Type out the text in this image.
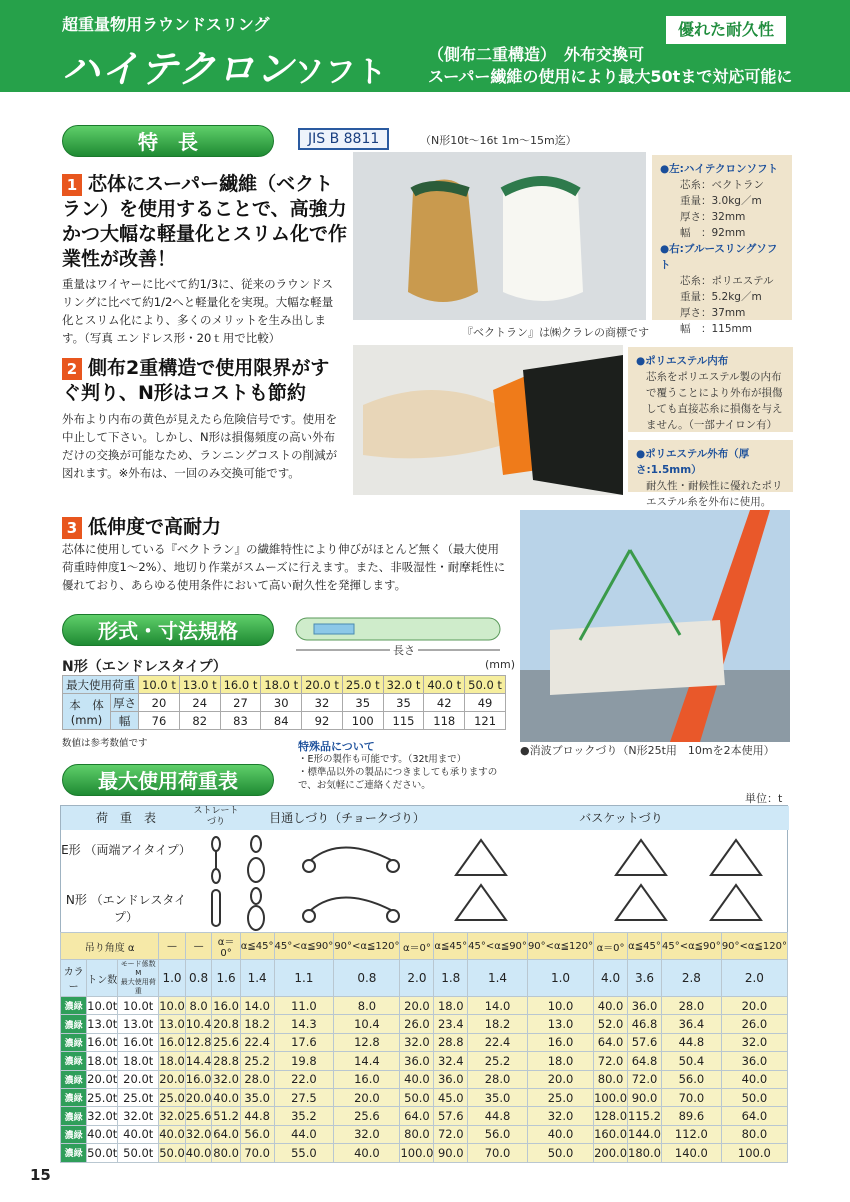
超重量物用ラウンドスリング
ハイテクロンソフト
（側布二重構造）　外布交換可
スーパー繊維の使用により最大50tまで対応可能に
優れた耐久性
特　長	JIS B 8811	（N形10t～16t 1m～15m迄）
1 芯体にスーパー繊維（ベクトラン）を使用することで、高強力かつ大幅な軽量化とスリム化で作業性が改善！
重量はワイヤーに比べて約1/3に、従来のラウンドスリングに比べて約1/2へと軽量化を実現。大幅な軽量化とスリム化により、多くのメリットを生み出します。（写真 エンドレス形・20ｔ用で比較）	『ベクトラン』は㈱クラレの商標です
●左:ハイテクロンソフト
芯糸：ベクトラン
重量：3.0kg／m
厚さ：32mm
幅　：92mm
●右:ブルースリングソフト
芯糸：ポリエステル
重量：5.2kg／m
厚さ：37mm
幅　：115mm
2 側布2重構造で使用限界がすぐ判り、N形はコストも節約
外布より内布の黄色が見えたら危険信号です。使用を中止して下さい。しかし、N形は損傷頻度の高い外布だけの交換が可能なため、ランニングコストの削減が図れます。※外布は、一回のみ交換可能です。
●ポリエステル内布
芯糸をポリエステル製の内布で覆うことにより外布が損傷しても直接芯糸に損傷を与えません。（一部ナイロン有）
●ポリエステル外布（厚さ:1.5mm）
耐久性・耐候性に優れたポリエステル糸を外布に使用。
3 低伸度で高耐力
芯体に使用している『ベクトラン』の繊維特性により伸びがほとんど無く（最大使用荷重時伸度1～2%）、地切り作業がスムーズに行えます。また、非吸湿性・耐摩耗性に優れており、あらゆる使用条件において高い耐久性を発揮します。
●消波ブロックづり（N形25t用　10mを2本使用）
形式・寸法規格
長さ
N形（エンドレスタイプ）	(mm)
最大使用荷重		10.0 t	13.0 t	16.0 t	18.0 t	20.0 t	25.0 t	32.0 t	40.0 t	50.0 t
本　体 (mm)	厚さ	20	24	27	30	32	35	35	42	49
	幅	76	82	83	84	92	100	115	118	121
数値は参考数値です	特殊品について
・E形の製作も可能です。（32t用まで）
・標準品以外の製品につきましても承りますので、お気軽にご連絡ください。
最大使用荷重表
単位：t
荷　重　表	ストレートづり	目通しづり（チョークづり）	バスケットづり
E形 （両端アイタイプ）
N形 （エンドレスタイプ）
吊り角度 α			—	—	α＝0°	α≦45°	45°<α≦90°	90°<α≦120°	α＝0°	α≦45°	45°<α≦90°	90°<α≦120°	α＝0°	α≦45°	45°<α≦90°	90°<α≦120°
カラー	トン数	モード係数 M
最大使用荷重	1.0	0.8	1.6	1.4	1.1	0.8	2.0	1.8	1.4	1.0	4.0	3.6	2.8	2.0
濃緑	10.0t	10.0t	10.0	8.0	16.0	14.0	11.0	8.0	20.0	18.0	14.0	10.0	40.0	36.0	28.0	20.0
濃緑	13.0t	13.0t	13.0	10.4	20.8	18.2	14.3	10.4	26.0	23.4	18.2	13.0	52.0	46.8	36.4	26.0
濃緑	16.0t	16.0t	16.0	12.8	25.6	22.4	17.6	12.8	32.0	28.8	22.4	16.0	64.0	57.6	44.8	32.0
濃緑	18.0t	18.0t	18.0	14.4	28.8	25.2	19.8	14.4	36.0	32.4	25.2	18.0	72.0	64.8	50.4	36.0
濃緑	20.0t	20.0t	20.0	16.0	32.0	28.0	22.0	16.0	40.0	36.0	28.0	20.0	80.0	72.0	56.0	40.0
濃緑	25.0t	25.0t	25.0	20.0	40.0	35.0	27.5	20.0	50.0	45.0	35.0	25.0	100.0	90.0	70.0	50.0
濃緑	32.0t	32.0t	32.0	25.6	51.2	44.8	35.2	25.6	64.0	57.6	44.8	32.0	128.0	115.2	89.6	64.0
濃緑	40.0t	40.0t	40.0	32.0	64.0	56.0	44.0	32.0	80.0	72.0	56.0	40.0	160.0	144.0	112.0	80.0
濃緑	50.0t	50.0t	50.0	40.0	80.0	70.0	55.0	40.0	100.0	90.0	70.0	50.0	200.0	180.0	140.0	100.0
15
